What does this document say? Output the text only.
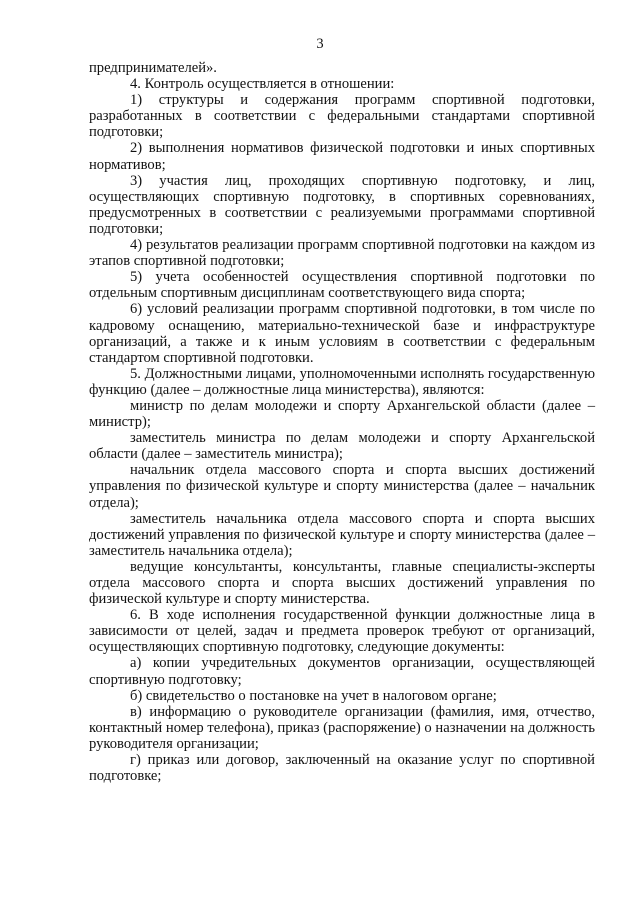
3

предпринимателей».

4. Контроль осуществляется в отношении:

1) структуры и содержания программ спортивной подготовки, разработанных в соответствии с федеральными стандартами спортивной подготовки;

2) выполнения нормативов физической подготовки и иных спортивных нормативов;

3) участия лиц, проходящих спортивную подготовку, и лиц, осуществляющих спортивную подготовку, в спортивных соревнованиях, предусмотренных в соответствии с реализуемыми программами спортивной подготовки;

4) результатов реализации программ спортивной подготовки на каждом из этапов спортивной подготовки;

5) учета особенностей осуществления спортивной подготовки по отдельным спортивным дисциплинам соответствующего вида спорта;

6) условий реализации программ спортивной подготовки, в том числе по кадровому оснащению, материально-технической базе и инфраструктуре организаций, а также и к иным условиям в соответствии с федеральным стандартом спортивной подготовки.

5. Должностными лицами, уполномоченными исполнять государственную функцию (далее – должностные лица министерства), являются:

министр по делам молодежи и спорту Архангельской области (далее – министр);

заместитель министра по делам молодежи и спорту Архангельской области (далее – заместитель министра);

начальник отдела массового спорта и спорта высших достижений управления по физической культуре и спорту министерства (далее – начальник отдела);

заместитель начальника отдела массового спорта и спорта высших достижений управления по физической культуре и спорту министерства (далее – заместитель начальника отдела);

ведущие консультанты, консультанты, главные специалисты-эксперты отдела массового спорта и спорта высших достижений управления по физической культуре и спорту министерства.

6. В ходе исполнения государственной функции должностные лица в зависимости от целей, задач и предмета проверок требуют от организаций, осуществляющих спортивную подготовку, следующие документы:

а) копии учредительных документов организации, осуществляющей спортивную подготовку;

б) свидетельство о постановке на учет в налоговом органе;

в) информацию о руководителе организации (фамилия, имя, отчество, контактный номер телефона), приказ (распоряжение) о назначении на должность руководителя организации;

г) приказ или договор, заключенный на оказание услуг по спортивной подготовке;
